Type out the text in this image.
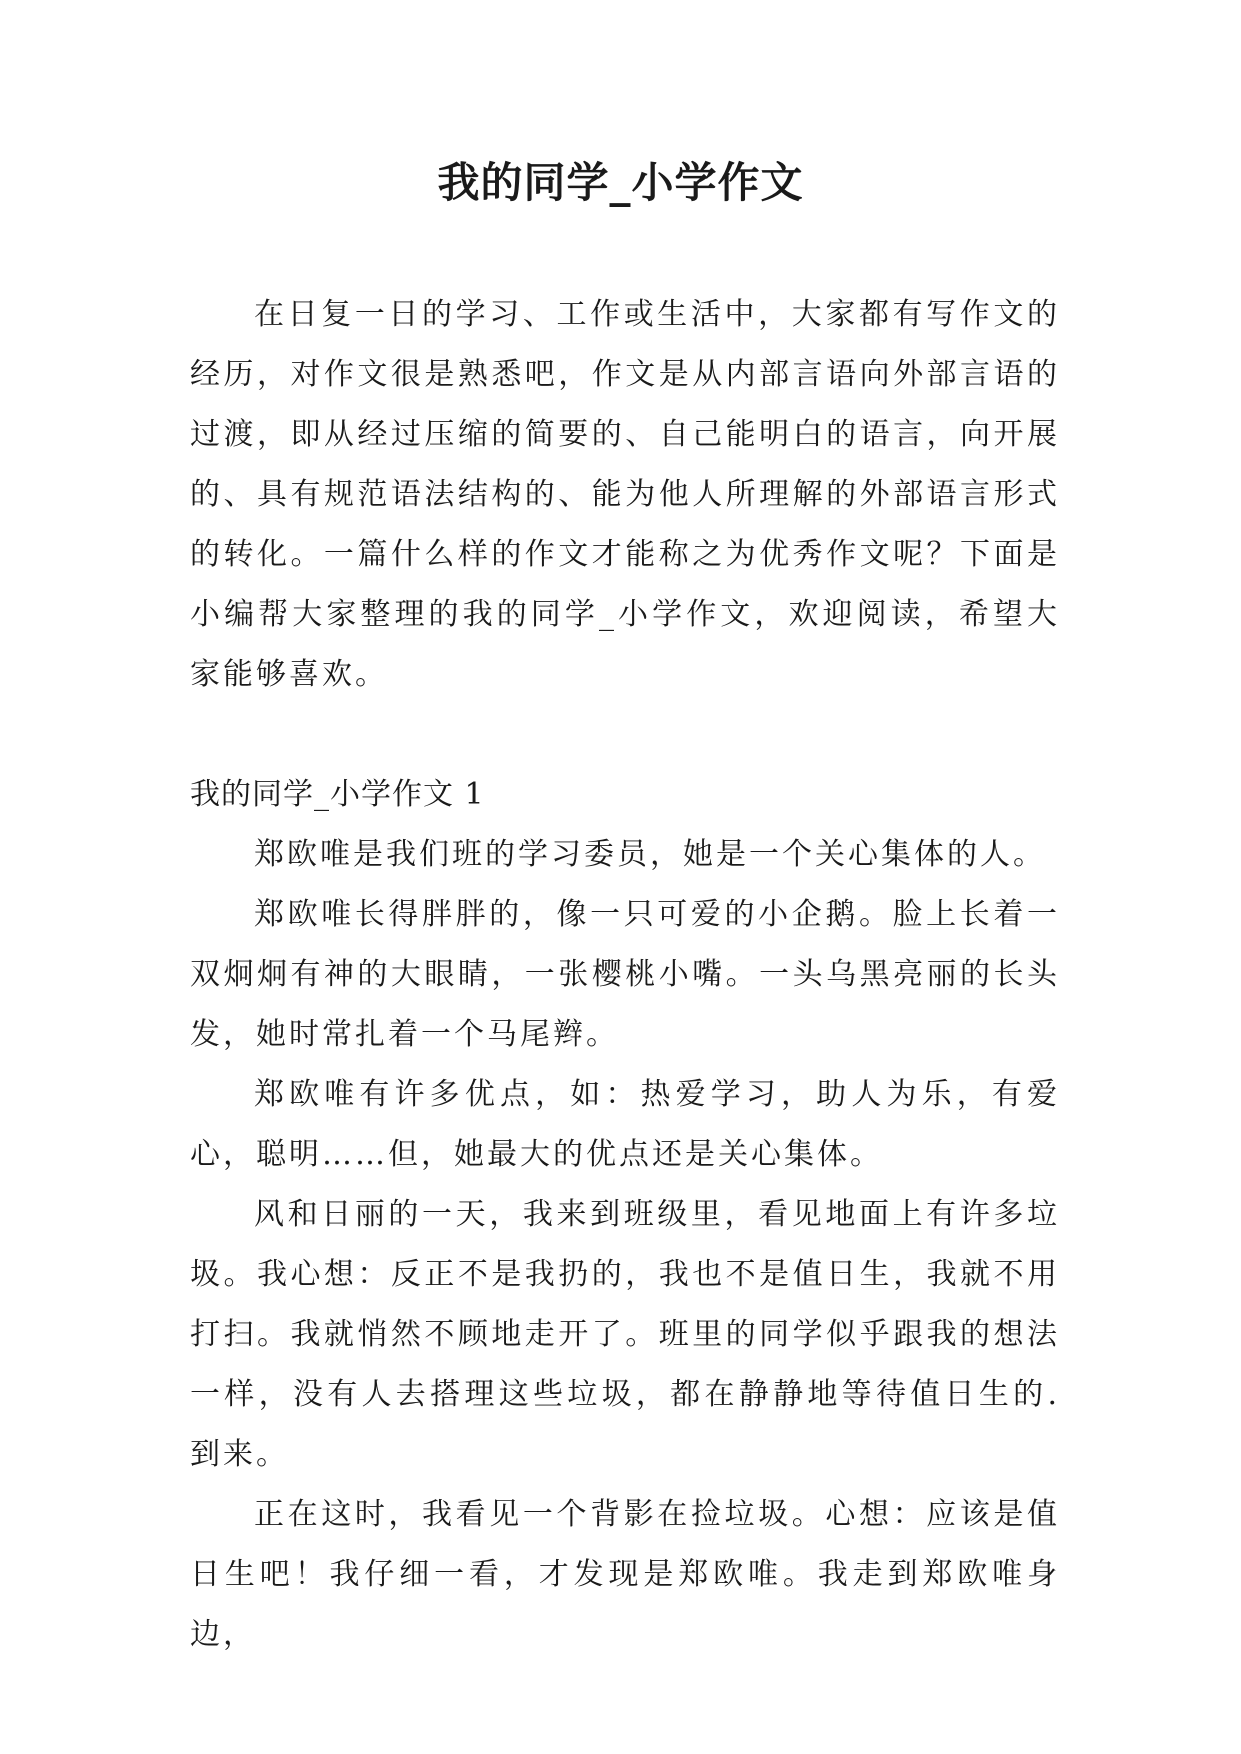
我的同学_小学作文

在日复一日的学习、工作或生活中，大家都有写作文的经历，对作文很是熟悉吧，作文是从内部言语向外部言语的过渡，即从经过压缩的简要的、自己能明白的语言，向开展的、具有规范语法结构的、能为他人所理解的外部语言形式的转化。一篇什么样的作文才能称之为优秀作文呢？下面是小编帮大家整理的我的同学_小学作文，欢迎阅读，希望大家能够喜欢。

我的同学_小学作文 1

郑欧唯是我们班的学习委员，她是一个关心集体的人。

郑欧唯长得胖胖的，像一只可爱的小企鹅。脸上长着一双炯炯有神的大眼睛，一张樱桃小嘴。一头乌黑亮丽的长头发，她时常扎着一个马尾辫。

郑欧唯有许多优点，如：热爱学习，助人为乐，有爱心，聪明……但，她最大的优点还是关心集体。

风和日丽的一天，我来到班级里，看见地面上有许多垃圾。我心想：反正不是我扔的，我也不是值日生，我就不用打扫。我就悄然不顾地走开了。班里的同学似乎跟我的想法一样，没有人去搭理这些垃圾，都在静静地等待值日生的.到来。

正在这时，我看见一个背影在捡垃圾。心想：应该是值日生吧！我仔细一看，才发现是郑欧唯。我走到郑欧唯身边，
